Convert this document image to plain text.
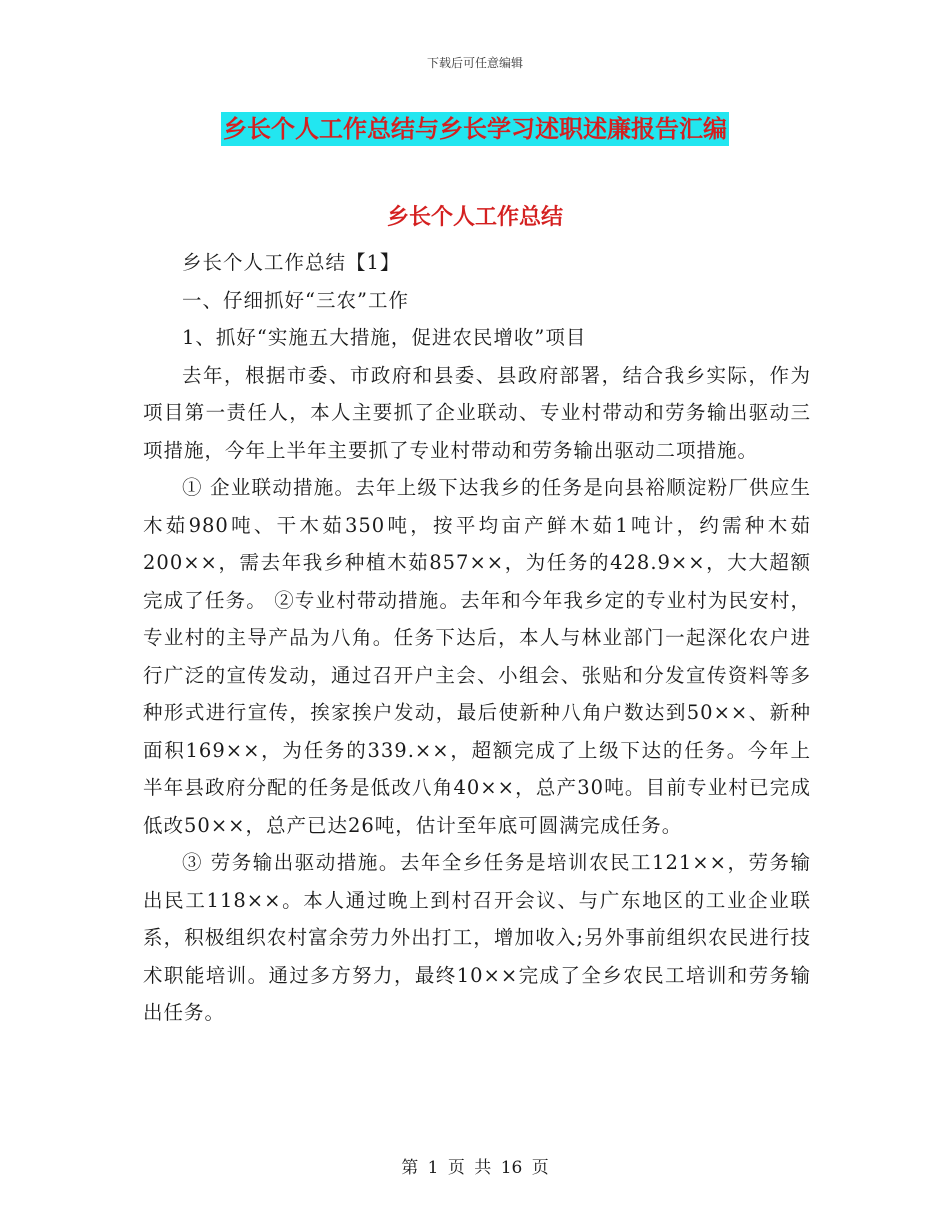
下载后可任意编辑
乡长个人工作总结与乡长学习述职述廉报告汇编
乡长个人工作总结

乡长个人工作总结【1】

一、仔细抓好“三农”工作

1、抓好“实施五大措施，促进农民增收”项目

去年，根据市委、市政府和县委、县政府部署，结合我乡实际，作为项目第一责任人，本人主要抓了企业联动、专业村带动和劳务输出驱动三项措施，今年上半年主要抓了专业村带动和劳务输出驱动二项措施。

① 企业联动措施。去年上级下达我乡的任务是向县裕顺淀粉厂供应生木茹980吨、干木茹350吨，按平均亩产鲜木茹1吨计，约需种木茹200××，需去年我乡种植木茹857××，为任务的428.9××，大大超额完成了任务。 ②专业村带动措施。去年和今年我乡定的专业村为民安村，专业村的主导产品为八角。任务下达后，本人与林业部门一起深化农户进行广泛的宣传发动，通过召开户主会、小组会、张贴和分发宣传资料等多种形式进行宣传，挨家挨户发动，最后使新种八角户数达到50××、新种面积169××，为任务的339.××，超额完成了上级下达的任务。今年上半年县政府分配的任务是低改八角40××，总产30吨。目前专业村已完成低改50××，总产已达26吨，估计至年底可圆满完成任务。

③ 劳务输出驱动措施。去年全乡任务是培训农民工121××，劳务输出民工118××。本人通过晚上到村召开会议、与广东地区的工业企业联系，积极组织农村富余劳力外出打工，增加收入;另外事前组织农民进行技术职能培训。通过多方努力，最终10××完成了全乡农民工培训和劳务输出任务。

第 1 页 共 16 页
